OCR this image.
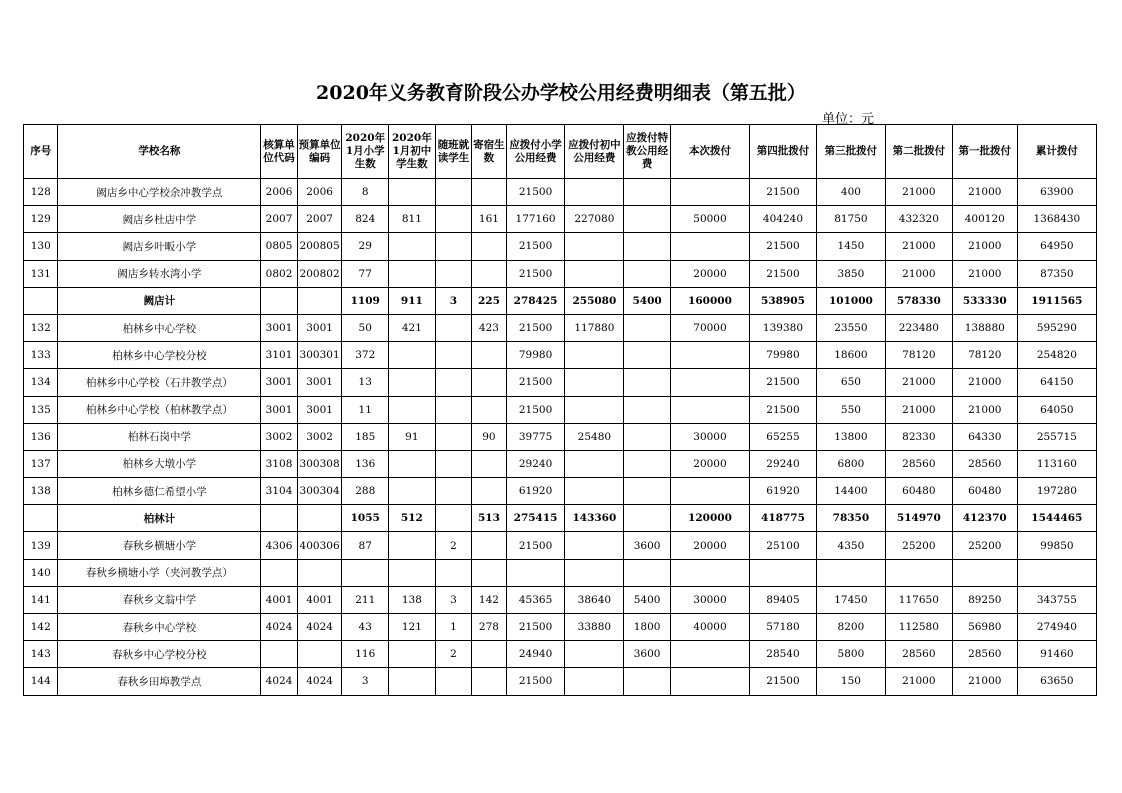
2020年义务教育阶段公办学校公用经费明细表（第五批）
单位：元
序号	学校名称	核算单位代码	预算单位编码	2020年1月小学生数	2020年1月初中学生数	随班就读学生	寄宿生数	应拨付小学公用经费	应拨付初中公用经费	应拨付特教公用经费	本次拨付	第四批拨付	第三批拨付	第二批拨付	第一批拨付	累计拨付
128	阙店乡中心学校余冲教学点	2006	2006	8				21500				21500	400	21000	21000	63900
129	阙店乡杜店中学	2007	2007	824	811		161	177160	227080		50000	404240	81750	432320	400120	1368430
130	阙店乡叶畈小学	0805	200805	29				21500				21500	1450	21000	21000	64950
131	阙店乡转水湾小学	0802	200802	77				21500			20000	21500	3850	21000	21000	87350
	阙店计			1109	911	3	225	278425	255080	5400	160000	538905	101000	578330	533330	1911565
132	柏林乡中心学校	3001	3001	50	421		423	21500	117880		70000	139380	23550	223480	138880	595290
133	柏林乡中心学校分校	3101	300301	372				79980				79980	18600	78120	78120	254820
134	柏林乡中心学校（石井教学点）	3001	3001	13				21500				21500	650	21000	21000	64150
135	柏林乡中心学校（柏林教学点）	3001	3001	11				21500				21500	550	21000	21000	64050
136	柏林石岗中学	3002	3002	185	91		90	39775	25480		30000	65255	13800	82330	64330	255715
137	柏林乡大墩小学	3108	300308	136				29240			20000	29240	6800	28560	28560	113160
138	柏林乡德仁希望小学	3104	300304	288				61920				61920	14400	60480	60480	197280
	柏林计			1055	512		513	275415	143360		120000	418775	78350	514970	412370	1544465
139	春秋乡横塘小学	4306	400306	87		2		21500		3600	20000	25100	4350	25200	25200	99850
140	春秋乡横塘小学（夹河教学点）															
141	春秋乡文翁中学	4001	4001	211	138	3	142	45365	38640	5400	30000	89405	17450	117650	89250	343755
142	春秋乡中心学校	4024	4024	43	121	1	278	21500	33880	1800	40000	57180	8200	112580	56980	274940
143	春秋乡中心学校分校			116		2		24940		3600		28540	5800	28560	28560	91460
144	春秋乡田埠教学点	4024	4024	3				21500				21500	150	21000	21000	63650
